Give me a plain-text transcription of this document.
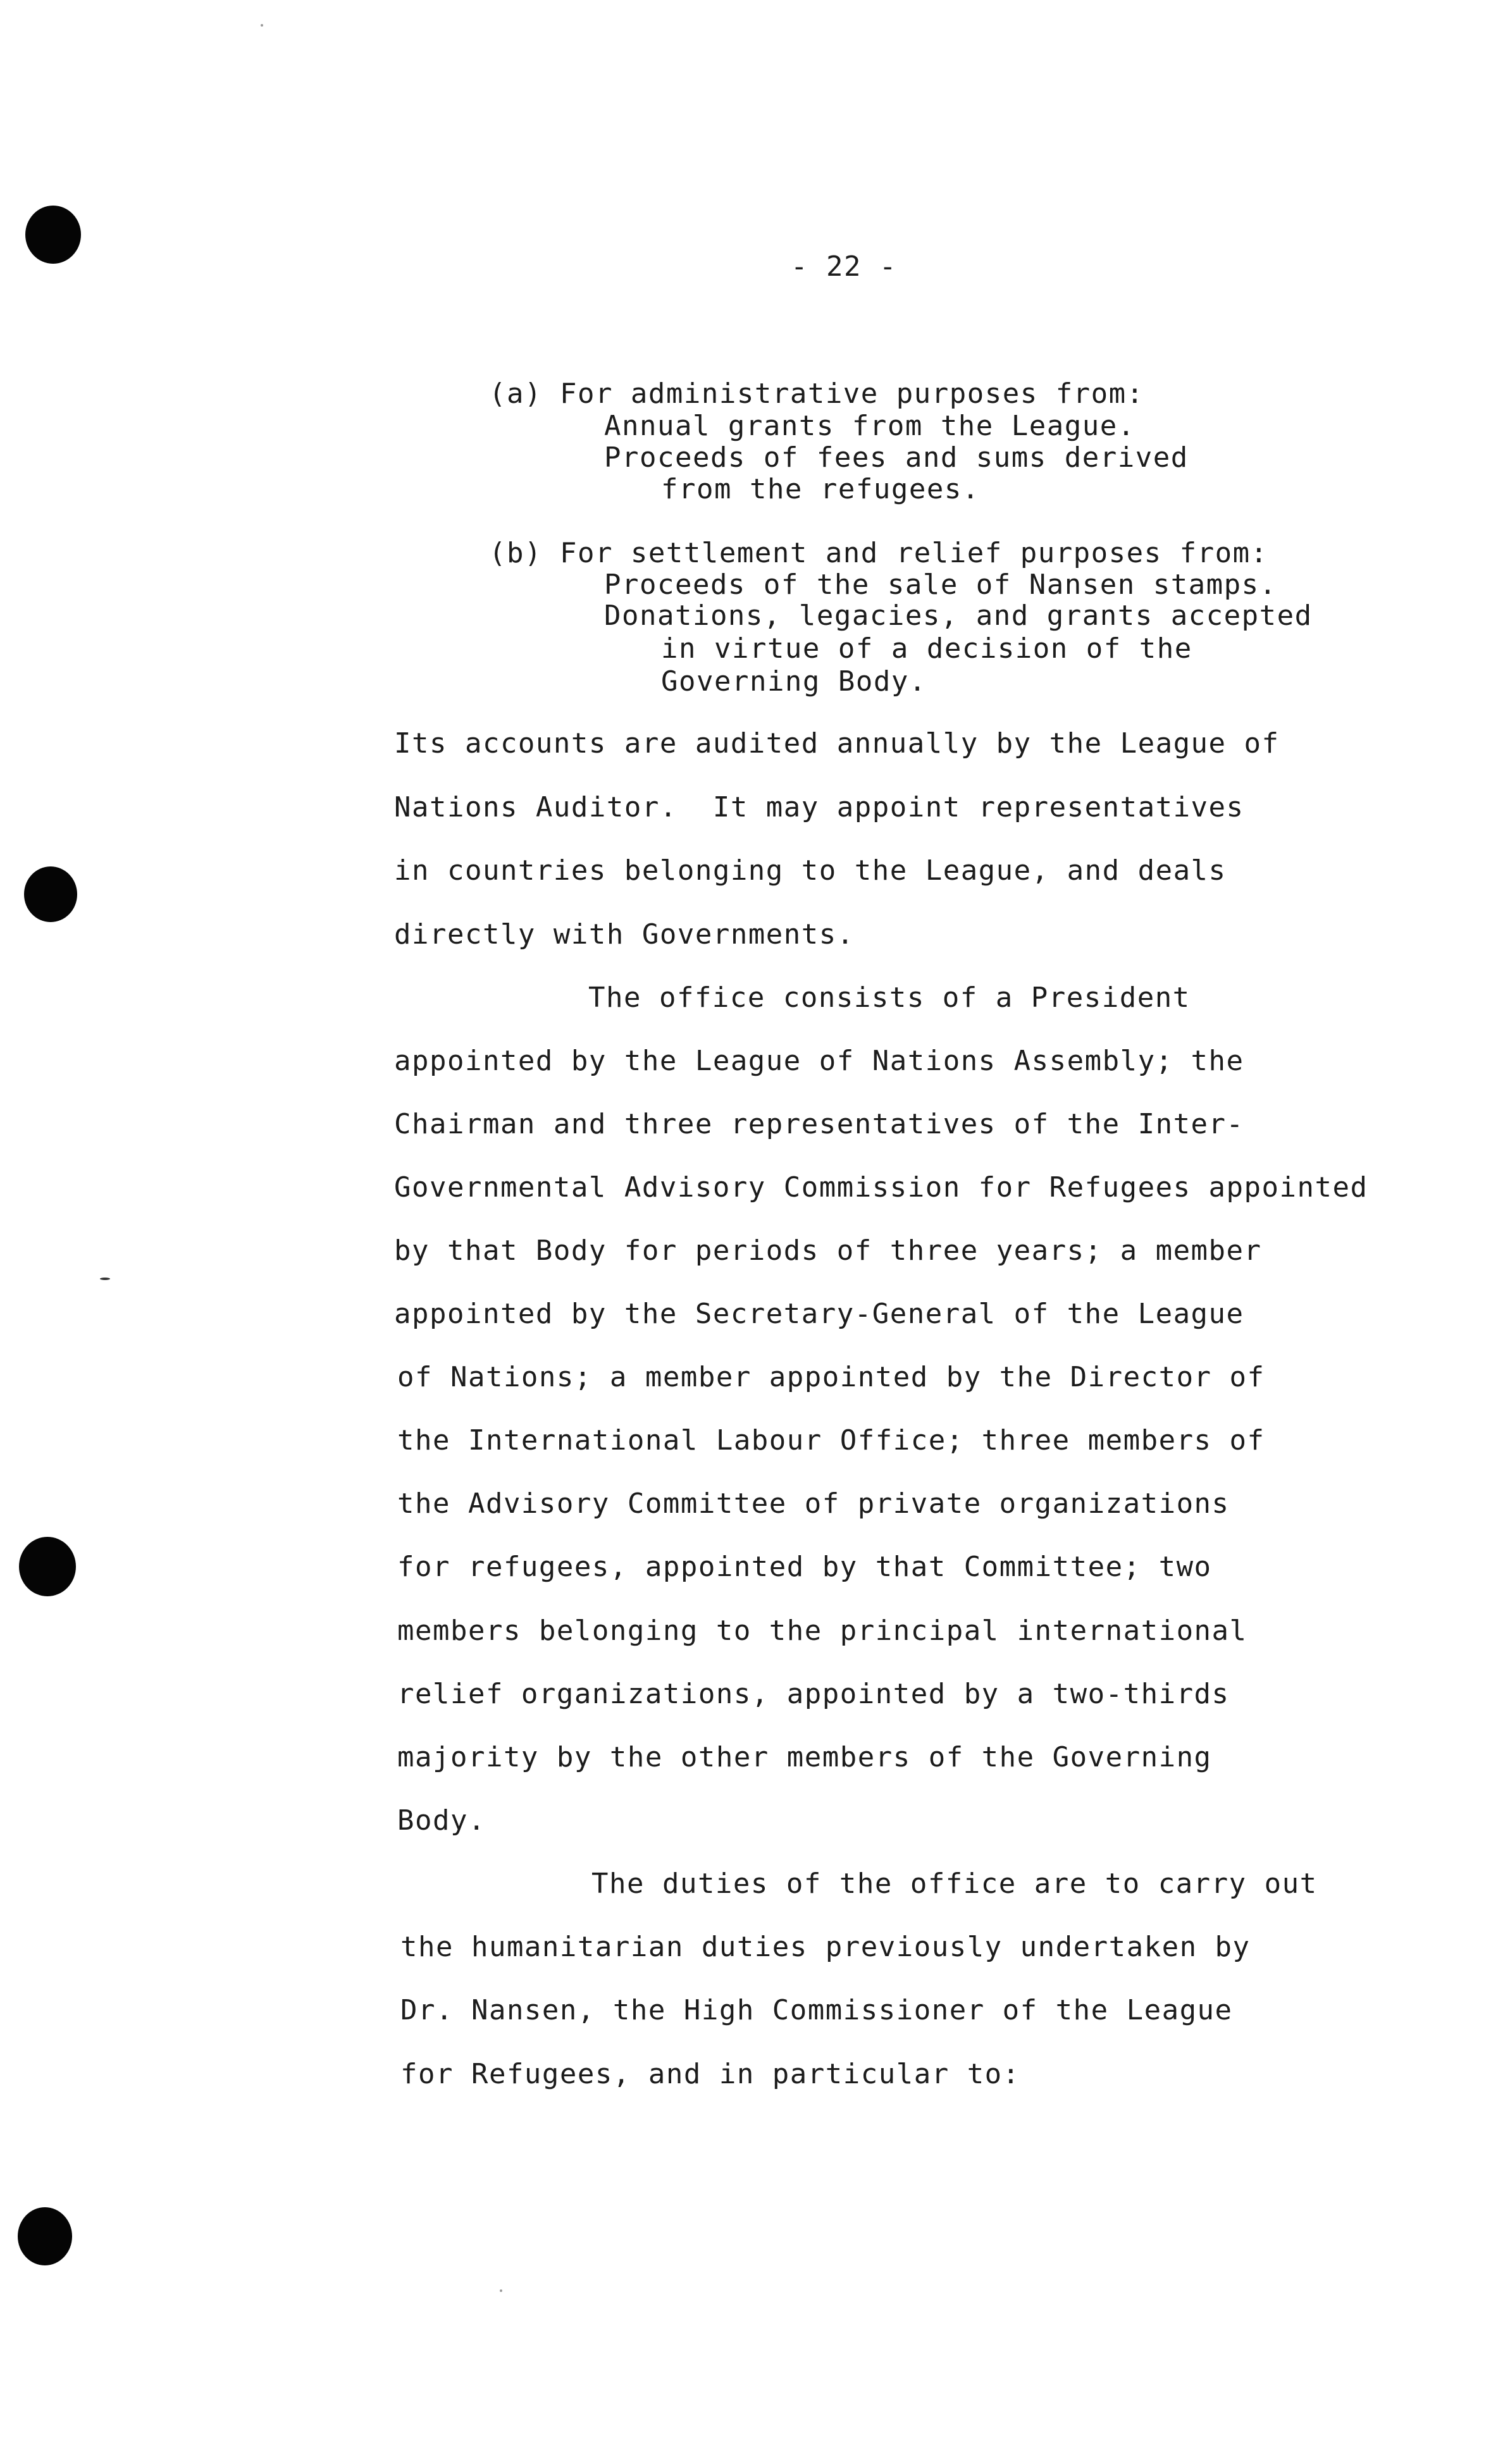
- 22 -
(a) For administrative purposes from:
Annual grants from the League.
Proceeds of fees and sums derived
from the refugees.
(b) For settlement and relief purposes from:
Proceeds of the sale of Nansen stamps.
Donations, legacies, and grants accepted
in virtue of a decision of the
Governing Body.
Its accounts are audited annually by the League of
Nations Auditor.  It may appoint representatives
in countries belonging to the League, and deals
directly with Governments.
The office consists of a President
appointed by the League of Nations Assembly; the
Chairman and three representatives of the Inter-
Governmental Advisory Commission for Refugees appointed
by that Body for periods of three years; a member
appointed by the Secretary-General of the League
of Nations; a member appointed by the Director of
the International Labour Office; three members of
the Advisory Committee of private organizations
for refugees, appointed by that Committee; two
members belonging to the principal international
relief organizations, appointed by a two-thirds
majority by the other members of the Governing
Body.
The duties of the office are to carry out
the humanitarian duties previously undertaken by
Dr. Nansen, the High Commissioner of the League
for Refugees, and in particular to:
